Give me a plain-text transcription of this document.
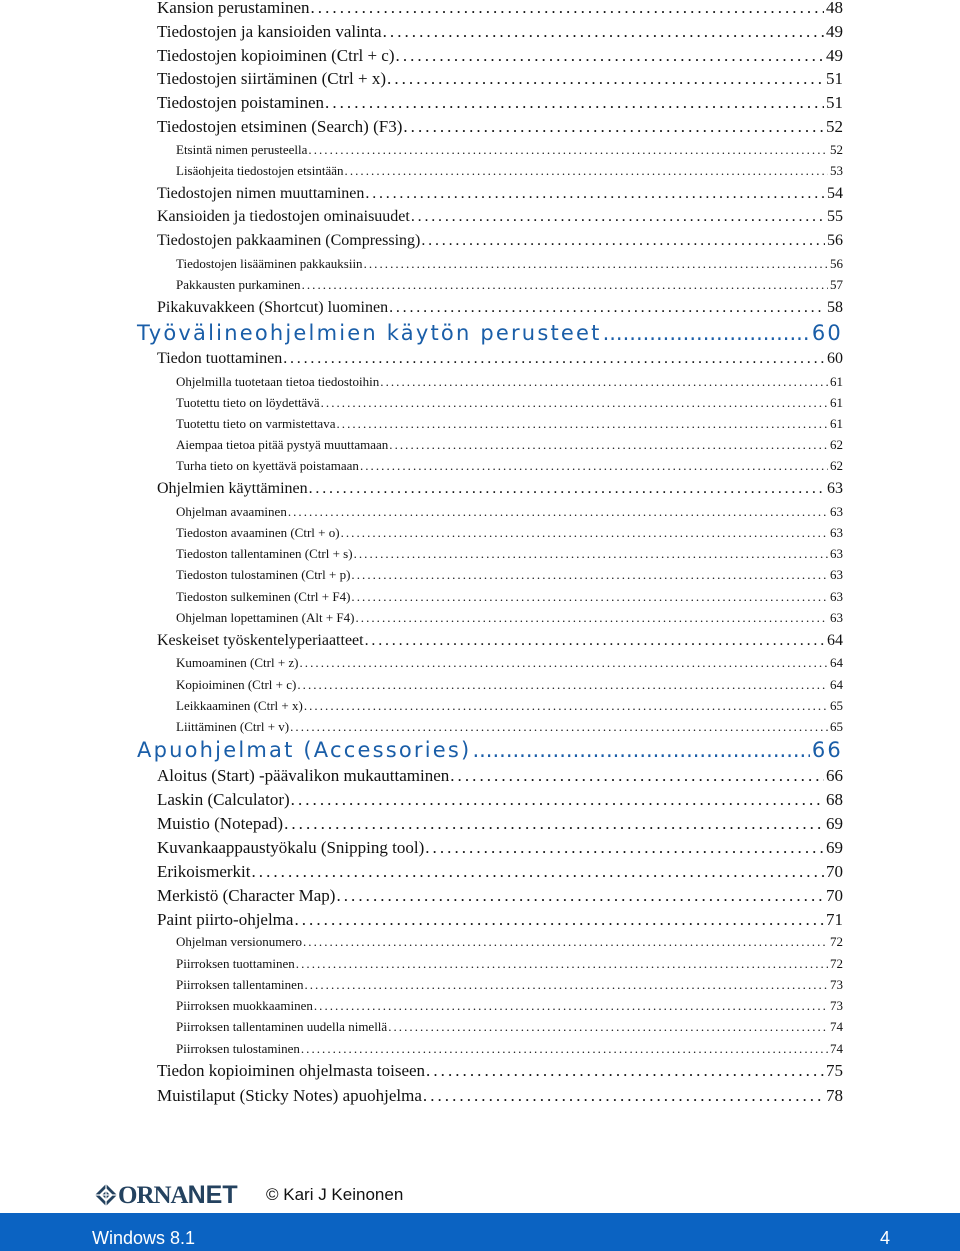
Kansion perustaminen . . .	48
Tiedostojen ja kansioiden valinta . . .	49
Tiedostojen kopioiminen (Ctrl + c) . . .	49
Tiedostojen siirtäminen (Ctrl + x) . . .	51
Tiedostojen poistaminen . . .	51
Tiedostojen etsiminen (Search) (F3) . . .	52
Etsintä nimen perusteella . . .	52
Lisäohjeita tiedostojen etsintään . . .	53
Tiedostojen nimen muuttaminen . . .	54
Kansioiden ja tiedostojen ominaisuudet . . .	55
Tiedostojen pakkaaminen (Compressing) . . .	56
Tiedostojen lisääminen pakkauksiin . . .	56
Pakkausten purkaminen . . .	57
Pikakuvakkeen (Shortcut) luominen . . .	58
Työvälineohjelmien käytön perusteet .....	60
Tiedon tuottaminen . . .	60
Ohjelmilla tuotetaan tietoa tiedostoihin . . .	61
Tuotettu tieto on löydettävä . . .	61
Tuotettu tieto on varmistettava . . .	61
Aiempaa tietoa pitää pystyä muuttamaan . . .	62
Turha tieto on kyettävä poistamaan . . .	62
Ohjelmien käyttäminen . . .	63
Ohjelman avaaminen . . .	63
Tiedoston avaaminen (Ctrl + o) . . .	63
Tiedoston tallentaminen (Ctrl + s) . . .	63
Tiedoston tulostaminen (Ctrl + p) . . .	63
Tiedoston sulkeminen (Ctrl + F4) . . .	63
Ohjelman lopettaminen (Alt + F4) . . .	63
Keskeiset työskentelyperiaatteet . . .	64
Kumoaminen (Ctrl + z) . . .	64
Kopioiminen (Ctrl + c) . . .	64
Leikkaaminen (Ctrl + x) . . .	65
Liittäminen (Ctrl + v) . . .	65
Apuohjelmat (Accessories) .....	66
Aloitus (Start) -päävalikon mukauttaminen . . .	66
Laskin (Calculator) . . .	68
Muistio (Notepad) . . .	69
Kuvankaappaustyökalu (Snipping tool) . . .	69
Erikoismerkit . . .	70
Merkistö (Character Map) . . .	70
Paint piirto-ohjelma . . .	71
Ohjelman versionumero . . .	72
Piirroksen tuottaminen . . .	72
Piirroksen tallentaminen . . .	73
Piirroksen muokkaaminen . . .	73
Piirroksen tallentaminen uudella nimellä . . .	74
Piirroksen tulostaminen . . .	74
Tiedon kopioiminen ohjelmasta toiseen . . .	75
Muistilaput (Sticky Notes) apuohjelma . . .	78
ORNANET © Kari J Keinonen
Windows 8.1	4
